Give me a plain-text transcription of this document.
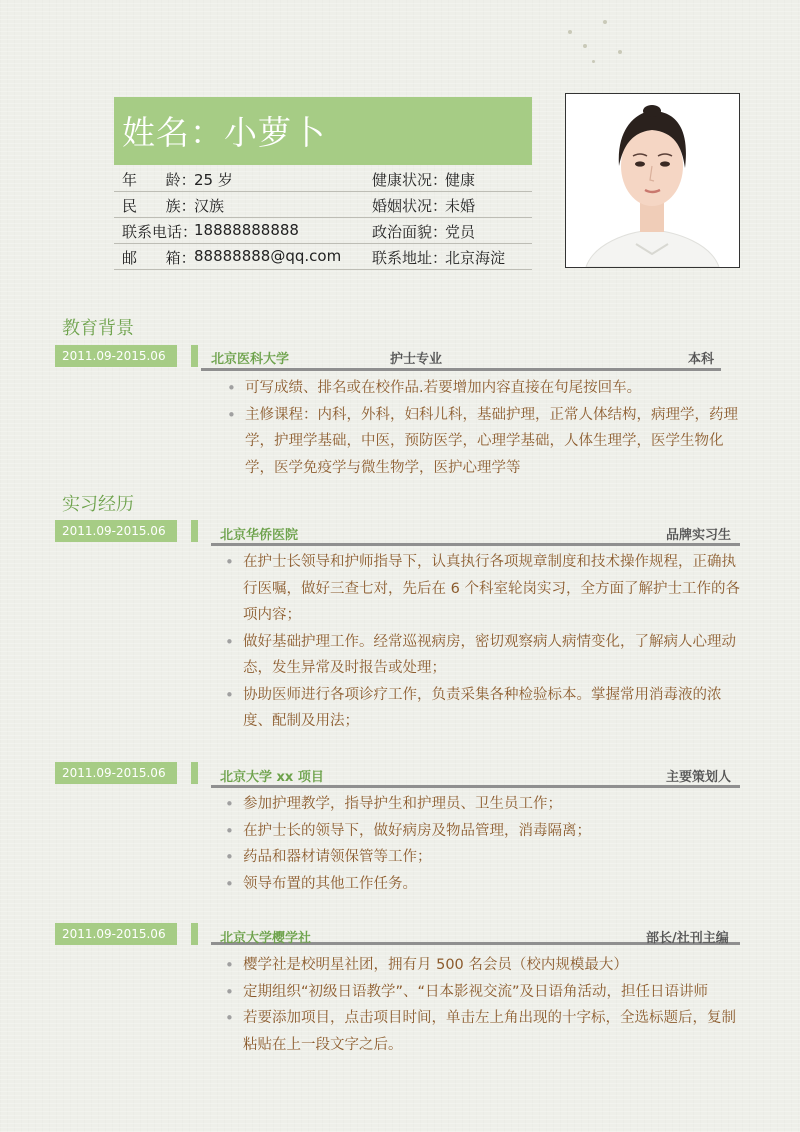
姓名：小萝卜
年      龄：
25 岁	健康状况：
健康
民      族：
汉族	婚姻状况：
未婚
联系电话：
18888888888	政治面貌：
党员
邮      箱：
88888888@qq.com 联系地址：
北京海淀
教育背景
2011.09-2015.06	北京医科大学	护士专业	本科
• 可写成绩、排名或在校作品.若要增加内容直接在句尾按回车。
• 主修课程：内科，外科，妇科儿科，基础护理，正常人体结构，病理学，药理学，护理学基础，中医，预防医学，心理学基础，人体生理学，医学生物化学，医学免疫学与微生物学，医护心理学等
实习经历
2011.09-2015.06	北京华侨医院	品牌实习生
• 在护士长领导和护师指导下，认真执行各项规章制度和技术操作规程，正确执行医嘱，做好三查七对，先后在 6 个科室轮岗实习，全方面了解护士工作的各项内容；
• 做好基础护理工作。经常巡视病房，密切观察病人病情变化，了解病人心理动态，发生异常及时报告或处理；
• 协助医师进行各项诊疗工作，负责采集各种检验标本。掌握常用消毒液的浓度、配制及用法；
2011.09-2015.06	北京大学 xx 项目	主要策划人
• 参加护理教学，指导护生和护理员、卫生员工作；
• 在护士长的领导下，做好病房及物品管理，消毒隔离；
• 药品和器材请领保管等工作；
• 领导布置的其他工作任务。
2011.09-2015.06	北京大学樱学社	部长/社刊主编
• 樱学社是校明星社团，拥有月 500 名会员（校内规模最大）
• 定期组织“初级日语教学”、“日本影视交流”及日语角活动，担任日语讲师
• 若要添加项目，点击项目时间，单击左上角出现的十字标，全选标题后，复制粘贴在上一段文字之后。
